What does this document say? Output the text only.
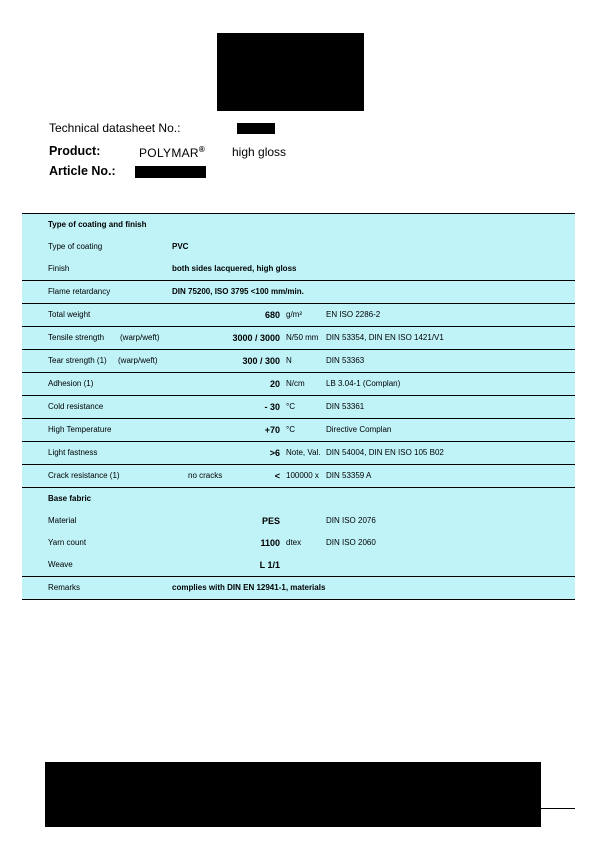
Technical datasheet No.:
Product:	POLYMAR® high gloss
Article No.:
Type of coating and finish
Type of coating	PVC
Finish	both sides lacquered, high gloss
Flame retardancy	DIN 75200, ISO 3795 <100 mm/min.
Total weight	680 g/m²	EN ISO 2286-2
Tensile strength (warp/weft)	3000 / 3000 N/50 mm DIN 53354, DIN EN ISO 1421/V1
Tear strength (1) (warp/weft)	300 / 300 N	DIN 53363
Adhesion (1)	20 N/cm	LB 3.04-1 (Complan)
Cold resistance	- 30 °C	DIN 53361
High Temperature	+70 °C	Directive Complan
Light fastness	>6 Note, Val. DIN 54004, DIN EN ISO 105 B02
Crack resistance (1)	no cracks	< 100000 x DIN 53359 A
Base fabric
Material	PES	DIN ISO 2076
Yarn count	1100 dtex	DIN ISO 2060
Weave	L 1/1
Remarks	complies with DIN EN 12941-1, materials
